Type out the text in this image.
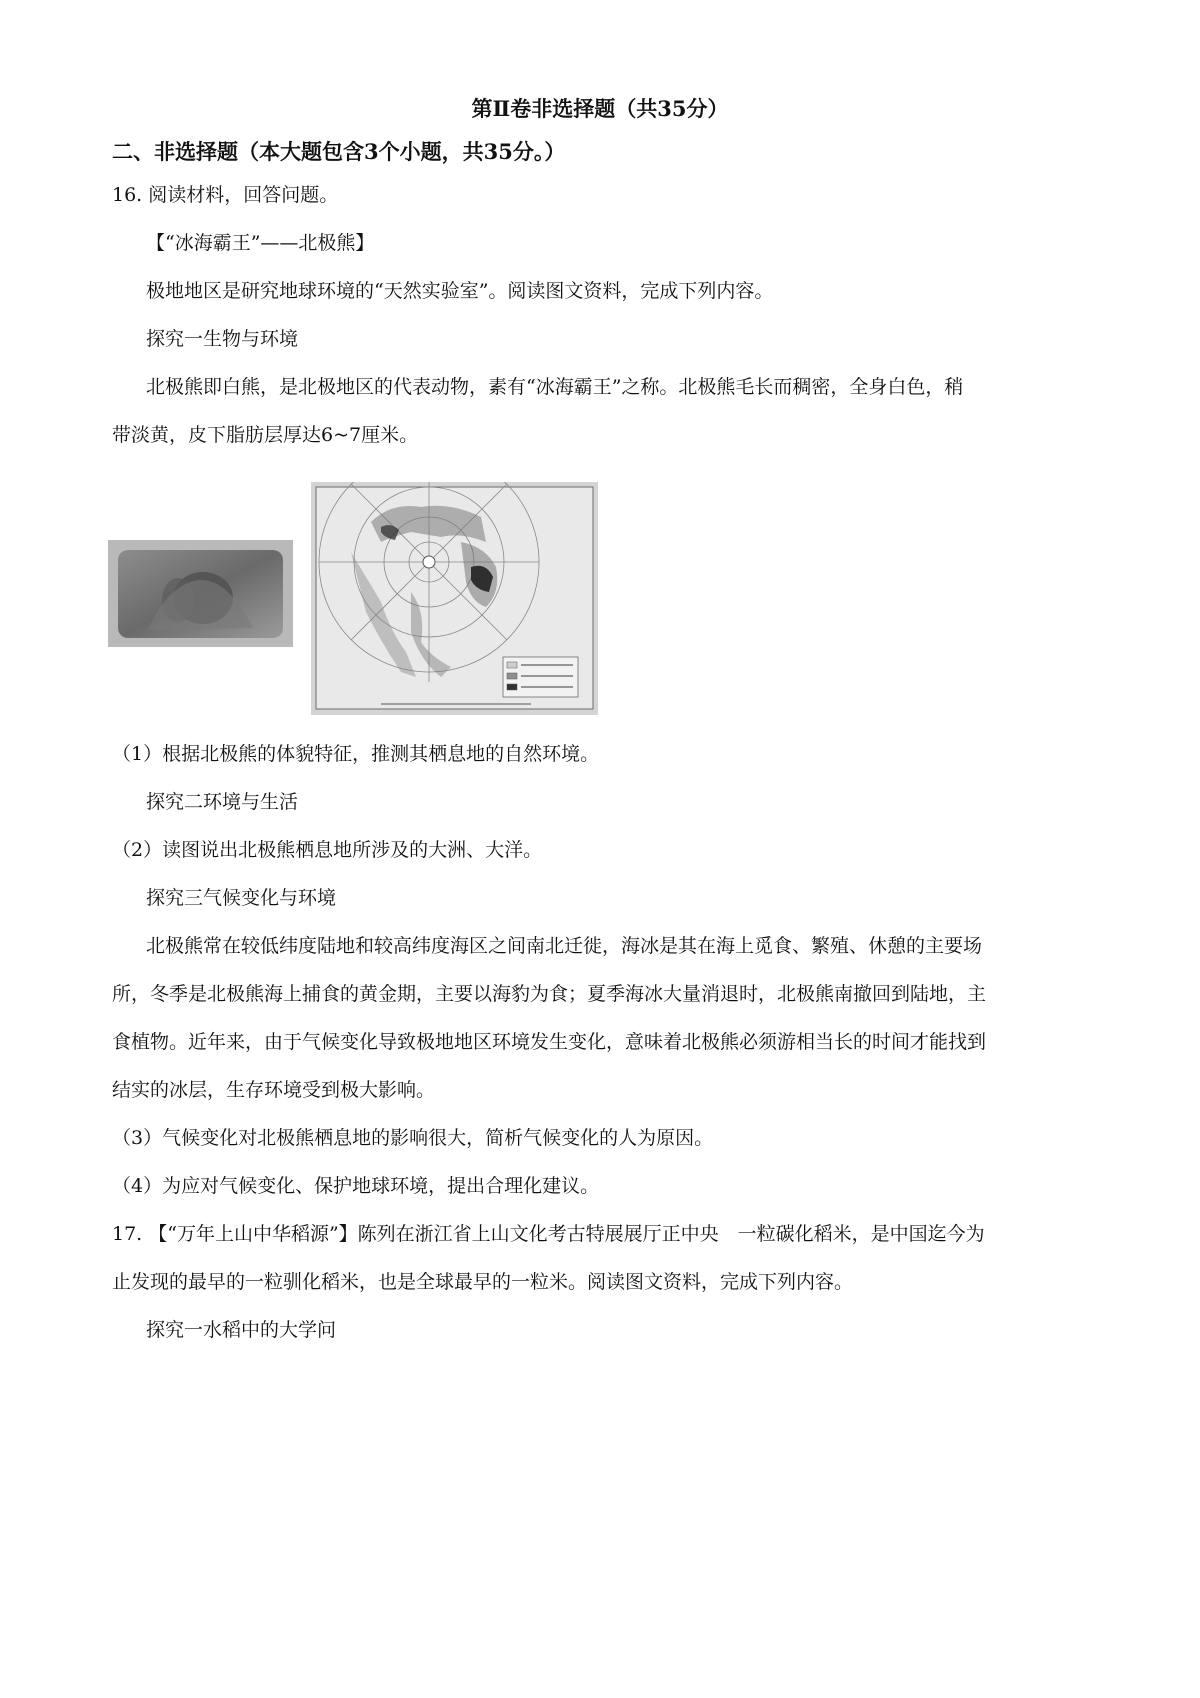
第Ⅱ卷非选择题（共35分）

二、非选择题（本大题包含3个小题，共35分。）

16. 阅读材料，回答问题。

【“冰海霸王”——北极熊】

极地地区是研究地球环境的“天然实验室”。阅读图文资料，完成下列内容。

探究一生物与环境

北极熊即白熊，是北极地区的代表动物，素有“冰海霸王”之称。北极熊毛长而稠密，全身白色，稍

带淡黄，皮下脂肪层厚达6~7厘米。

（1）根据北极熊的体貌特征，推测其栖息地的自然环境。

探究二环境与生活

（2）读图说出北极熊栖息地所涉及的大洲、大洋。

探究三气候变化与环境

北极熊常在较低纬度陆地和较高纬度海区之间南北迁徙，海冰是其在海上觅食、繁殖、休憩的主要场

所，冬季是北极熊海上捕食的黄金期，主要以海豹为食；夏季海冰大量消退时，北极熊南撤回到陆地，主

食植物。近年来，由于气候变化导致极地地区环境发生变化，意味着北极熊必须游相当长的时间才能找到

结实的冰层，生存环境受到极大影响。

（3）气候变化对北极熊栖息地的影响很大，简析气候变化的人为原因。

（4）为应对气候变化、保护地球环境，提出合理化建议。

17. 【“万年上山中华稻源”】陈列在浙江省上山文化考古特展展厅正中央　一粒碳化稻米，是中国迄今为

止发现的最早的一粒驯化稻米，也是全球最早的一粒米。阅读图文资料，完成下列内容。

探究一水稻中的大学问
